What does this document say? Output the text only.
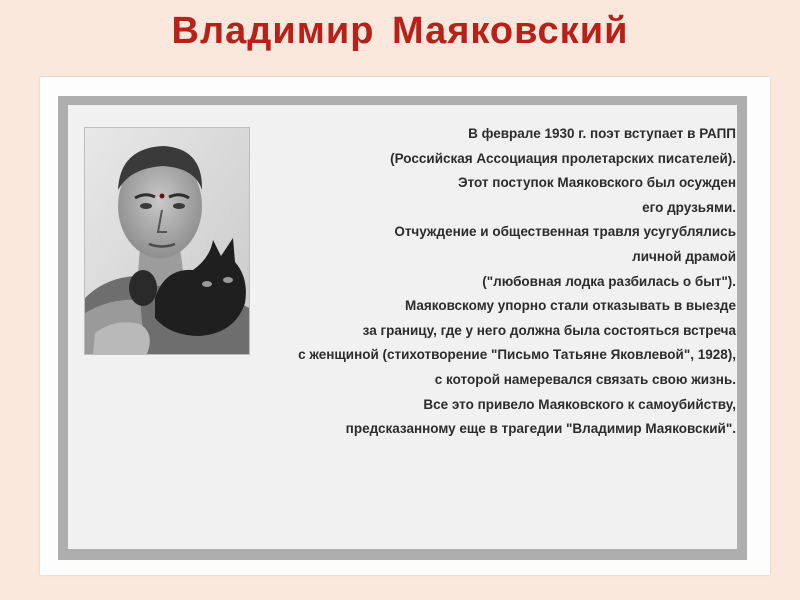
Владимир Маяковский
В феврале 1930 г. поэт вступает в РАПП
(Российская Ассоциация пролетарских писателей).
Этот поступок Маяковского был осужден
его друзьями.
Отчуждение и общественная травля усугублялись
личной драмой
("любовная лодка разбилась о быт").
Маяковскому упорно стали отказывать в выезде
за границу, где у него должна была состояться встреча
с женщиной (стихотворение "Письмо Татьяне Яковлевой", 1928),
с которой намеревался связать свою жизнь.
Все это привело Маяковского к самоубийству,
предсказанному еще в трагедии "Владимир Маяковский".
